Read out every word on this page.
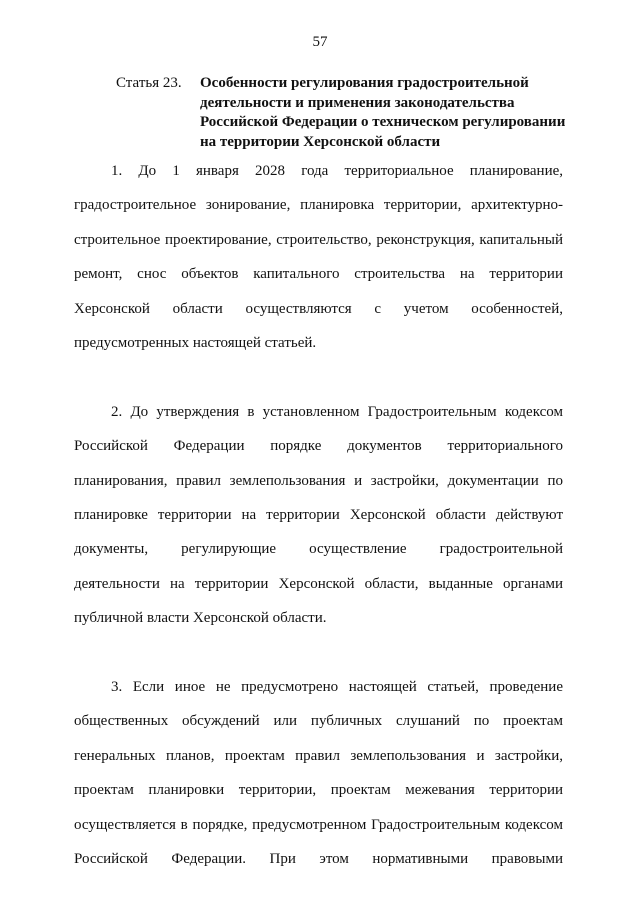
57
Статья 23.	Особенности регулирования градостроительной деятельности и применения законодательства Российской Федерации о техническом регулировании на территории Херсонской области

1. До 1 января 2028 года территориальное планирование, градостроительное зонирование, планировка территории, архитектурно-строительное проектирование, строительство, реконструкция, капитальный ремонт, снос объектов капитального строительства на территории Херсонской области осуществляются с учетом особенностей, предусмотренных настоящей статьей.

2. До утверждения в установленном Градостроительным кодексом Российской Федерации порядке документов территориального планирования, правил землепользования и застройки, документации по планировке территории на территории Херсонской области действуют документы, регулирующие осуществление градостроительной деятельности на территории Херсонской области, выданные органами публичной власти Херсонской области.

3. Если иное не предусмотрено настоящей статьей, проведение общественных обсуждений или публичных слушаний по проектам генеральных планов, проектам правил землепользования и застройки, проектам планировки территории, проектам межевания территории осуществляется в порядке, предусмотренном Градостроительным кодексом Российской Федерации. При этом нормативными правовыми
